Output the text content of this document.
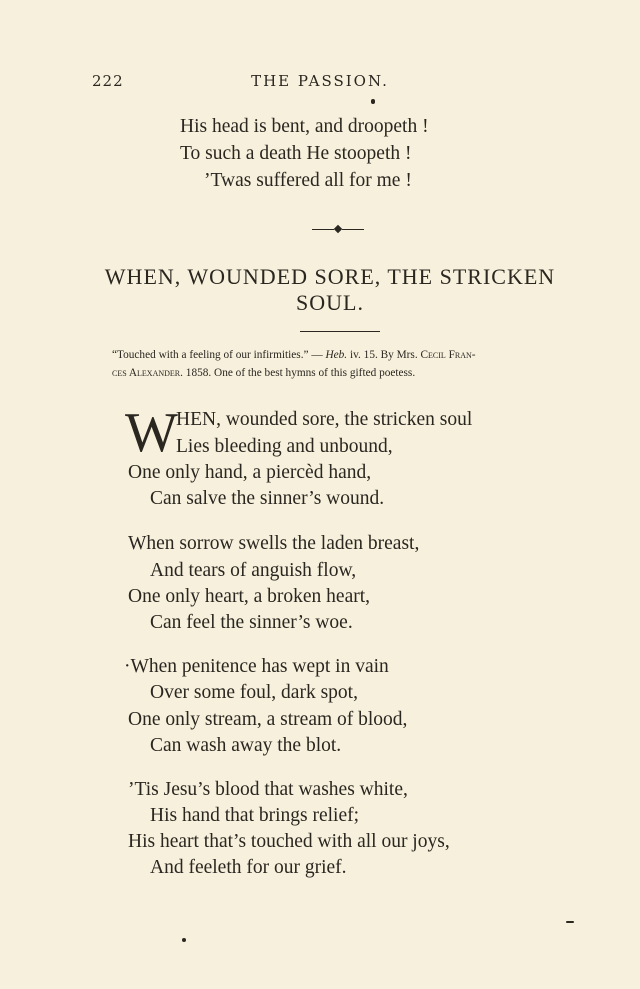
222	THE PASSION.
His head is bent, and droopeth !
To such a death He stoopeth !
’Twas suffered all for me !
WHEN, WOUNDED SORE, THE STRICKEN
SOUL.
“Touched with a feeling of our infirmities.” — Heb. iv. 15. By Mrs. Cecil Fran-
ces Alexander. 1858. One of the best hymns of this gifted poetess.
W
HEN, wounded sore, the stricken soul
Lies bleeding and unbound,
One only hand, a piercèd hand,
Can salve the sinner’s wound.
When sorrow swells the laden breast,
And tears of anguish flow,
One only heart, a broken heart,
Can feel the sinner’s woe.
·When penitence has wept in vain
Over some foul, dark spot,
One only stream, a stream of blood,
Can wash away the blot.
’Tis Jesu’s blood that washes white,
His hand that brings relief;
His heart that’s touched with all our joys,
And feeleth for our grief.
